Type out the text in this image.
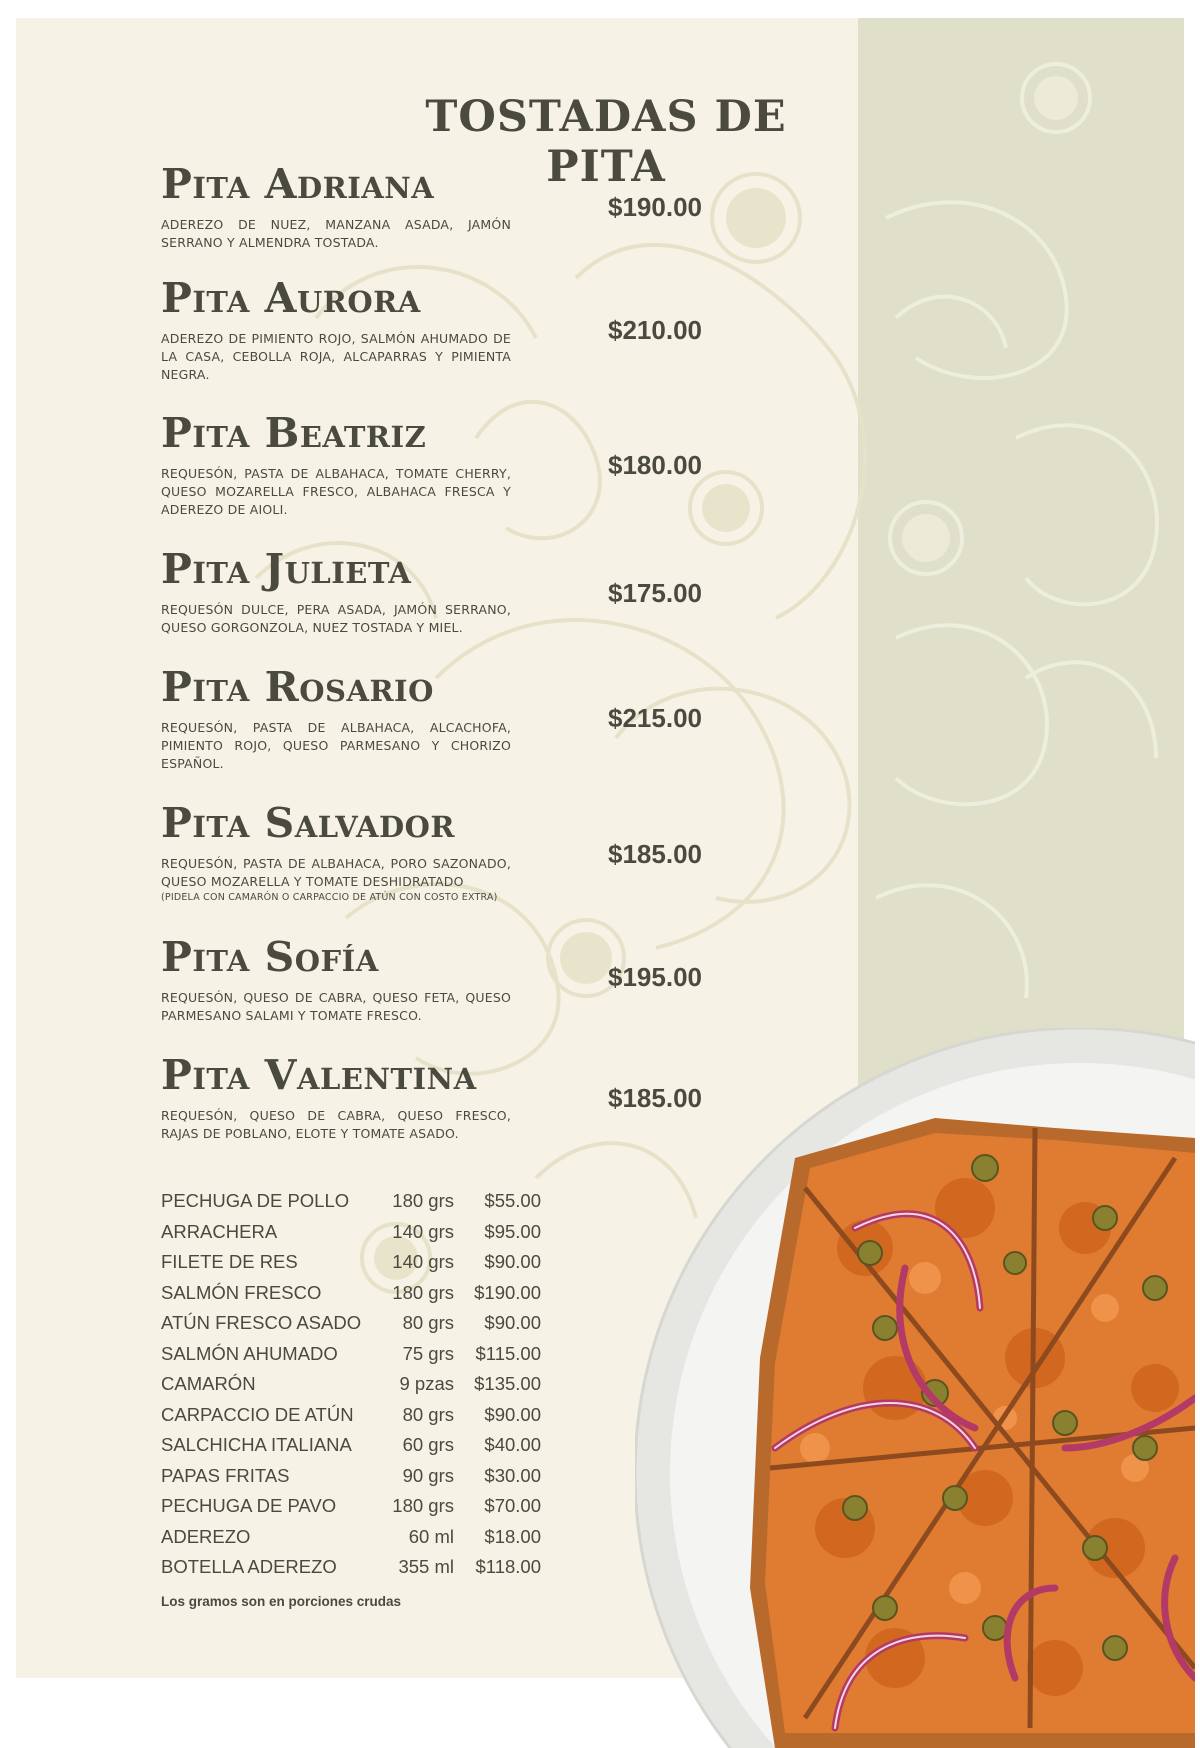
TOSTADAS DE PITA
Pita Adriana

ADEREZO DE NUEZ, MANZANA ASADA, JAMÓN SERRANO Y ALMENDRA TOSTADA.

$190.00

Pita Aurora

ADEREZO DE PIMIENTO ROJO, SALMÓN AHUMADO DE LA CASA, CEBOLLA ROJA, ALCAPARRAS Y PIMIENTA NEGRA.

$210.00

Pita Beatriz

REQUESÓN, PASTA DE ALBAHACA, TOMATE CHERRY, QUESO MOZARELLA FRESCO, ALBAHACA FRESCA Y ADEREZO DE AIOLI.

$180.00

Pita Julieta

REQUESÓN DULCE, PERA ASADA, JAMÓN SERRANO, QUESO GORGONZOLA, NUEZ TOSTADA Y MIEL.

$175.00

Pita Rosario

REQUESÓN, PASTA DE ALBAHACA, ALCACHOFA, PIMIENTO ROJO, QUESO PARMESANO Y CHORIZO ESPAÑOL.

$215.00

Pita Salvador

REQUESÓN, PASTA DE ALBAHACA, PORO SAZONADO, QUESO MOZARELLA Y TOMATE DESHIDRATADO
(PIDELA CON CAMARÓN O CARPACCIO DE ATÚN CON COSTO EXTRA)

$185.00

Pita Sofía

REQUESÓN, QUESO DE CABRA, QUESO FETA, QUESO PARMESANO SALAMI Y TOMATE FRESCO.

$195.00

Pita Valentina

REQUESÓN, QUESO DE CABRA, QUESO FRESCO, RAJAS DE POBLANO, ELOTE Y TOMATE ASADO.

$185.00

PECHUGA DE POLLO 180 grs $55.00
ARRACHERA	140 grs $95.00
FILETE DE RES	140 grs $90.00
SALMÓN FRESCO	180 grs $190.00
ATÚN FRESCO ASADO 80 grs $90.00
SALMÓN AHUMADO	75 grs $115.00
CAMARÓN	9 pzas $135.00
CARPACCIO DE ATÚN	80 grs $90.00
SALCHICHA ITALIANA	60 grs $40.00
PAPAS FRITAS	90 grs $30.00
PECHUGA DE PAVO	180 grs $70.00
ADEREZO	60 ml $18.00
BOTELLA ADEREZO	355 ml $118.00

Los gramos son en porciones crudas
